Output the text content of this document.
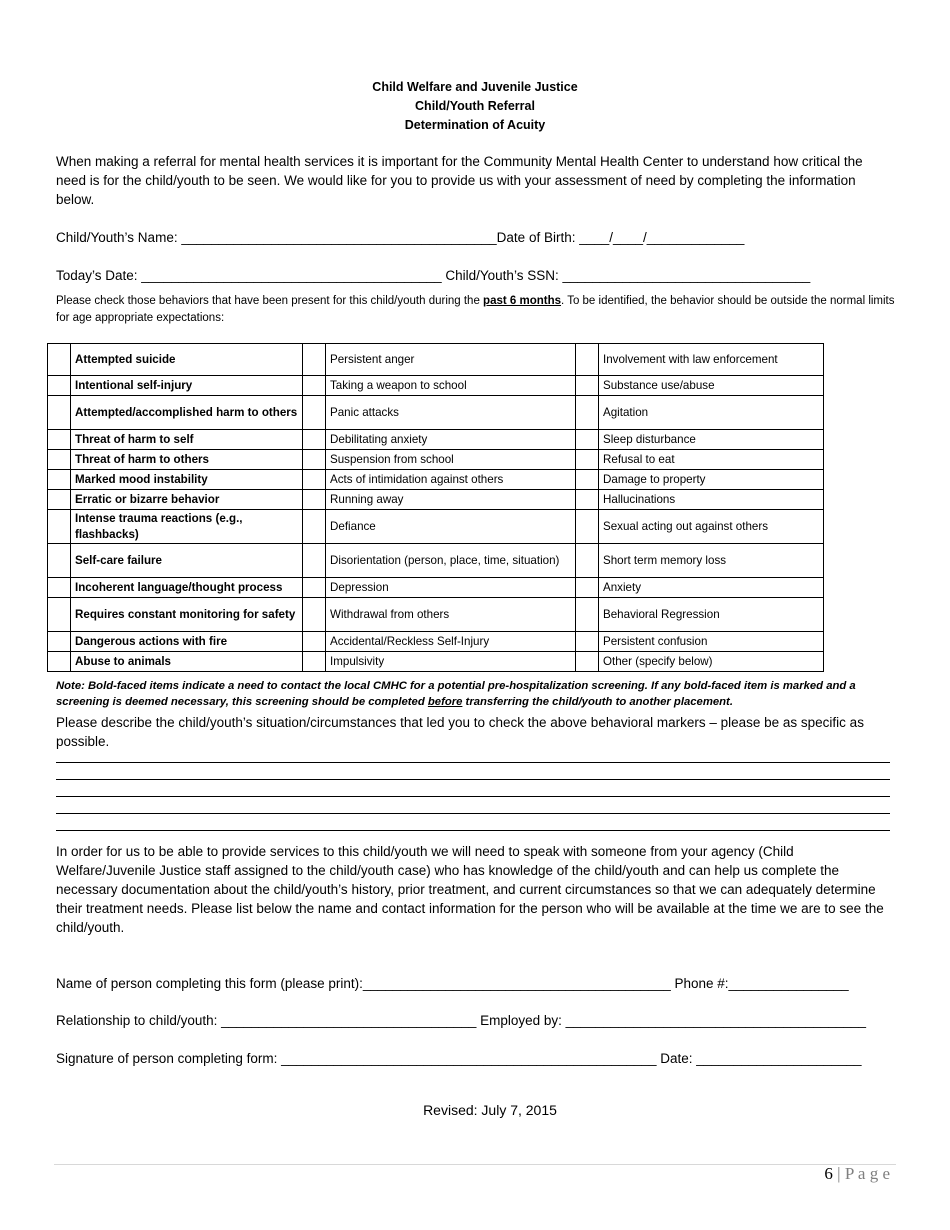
Child Welfare and Juvenile Justice
Child/Youth Referral
Determination of Acuity
When making a referral for mental health services it is important for the Community Mental Health Center to understand how critical the need is for the child/youth to be seen. We would like for you to provide us with your assessment of need by completing the information below.
Child/Youth’s Name: __________________________________________Date of Birth: ____/____/_____________
Today’s Date: ________________________________________ Child/Youth’s SSN: _________________________________
Please check those behaviors that have been present for this child/youth during the past 6 months. To be identified, the behavior should be outside the normal limits for age appropriate expectations:
	Attempted suicide		Persistent anger		Involvement with law enforcement
	Intentional self-injury		Taking a weapon to school		Substance use/abuse
	Attempted/accomplished harm to others		Panic attacks		Agitation
	Threat of harm to self		Debilitating anxiety		Sleep disturbance
	Threat of harm to others		Suspension from school		Refusal to eat
	Marked mood instability		Acts of intimidation against others		Damage to property
	Erratic or bizarre behavior		Running away		Hallucinations
	Intense trauma reactions (e.g., flashbacks)		Defiance		Sexual acting out against others
	Self-care failure		Disorientation (person, place, time, situation)		Short term memory loss
	Incoherent language/thought process		Depression		Anxiety
	Requires constant monitoring for safety		Withdrawal from others		Behavioral Regression
	Dangerous actions with fire		Accidental/Reckless Self-Injury		Persistent confusion
	Abuse to animals		Impulsivity		Other (specify below)
Note: Bold-faced items indicate a need to contact the local CMHC for a potential pre-hospitalization screening. If any bold-faced item is marked and a screening is deemed necessary, this screening should be completed before transferring the child/youth to another placement.
Please describe the child/youth’s situation/circumstances that led you to check the above behavioral markers – please be as specific as possible.
In order for us to be able to provide services to this child/youth we will need to speak with someone from your agency (Child Welfare/Juvenile Justice staff assigned to the child/youth case) who has knowledge of the child/youth and can help us complete the necessary documentation about the child/youth’s history, prior treatment, and current circumstances so that we can adequately determine their treatment needs. Please list below the name and contact information for the person who will be available at the time we are to see the child/youth.
Name of person completing this form (please print):_________________________________________ Phone #:________________
Relationship to child/youth: __________________________________ Employed by: ________________________________________
Signature of person completing form: __________________________________________________ Date: ______________________
Revised: July 7, 2015
6 | P a g e
